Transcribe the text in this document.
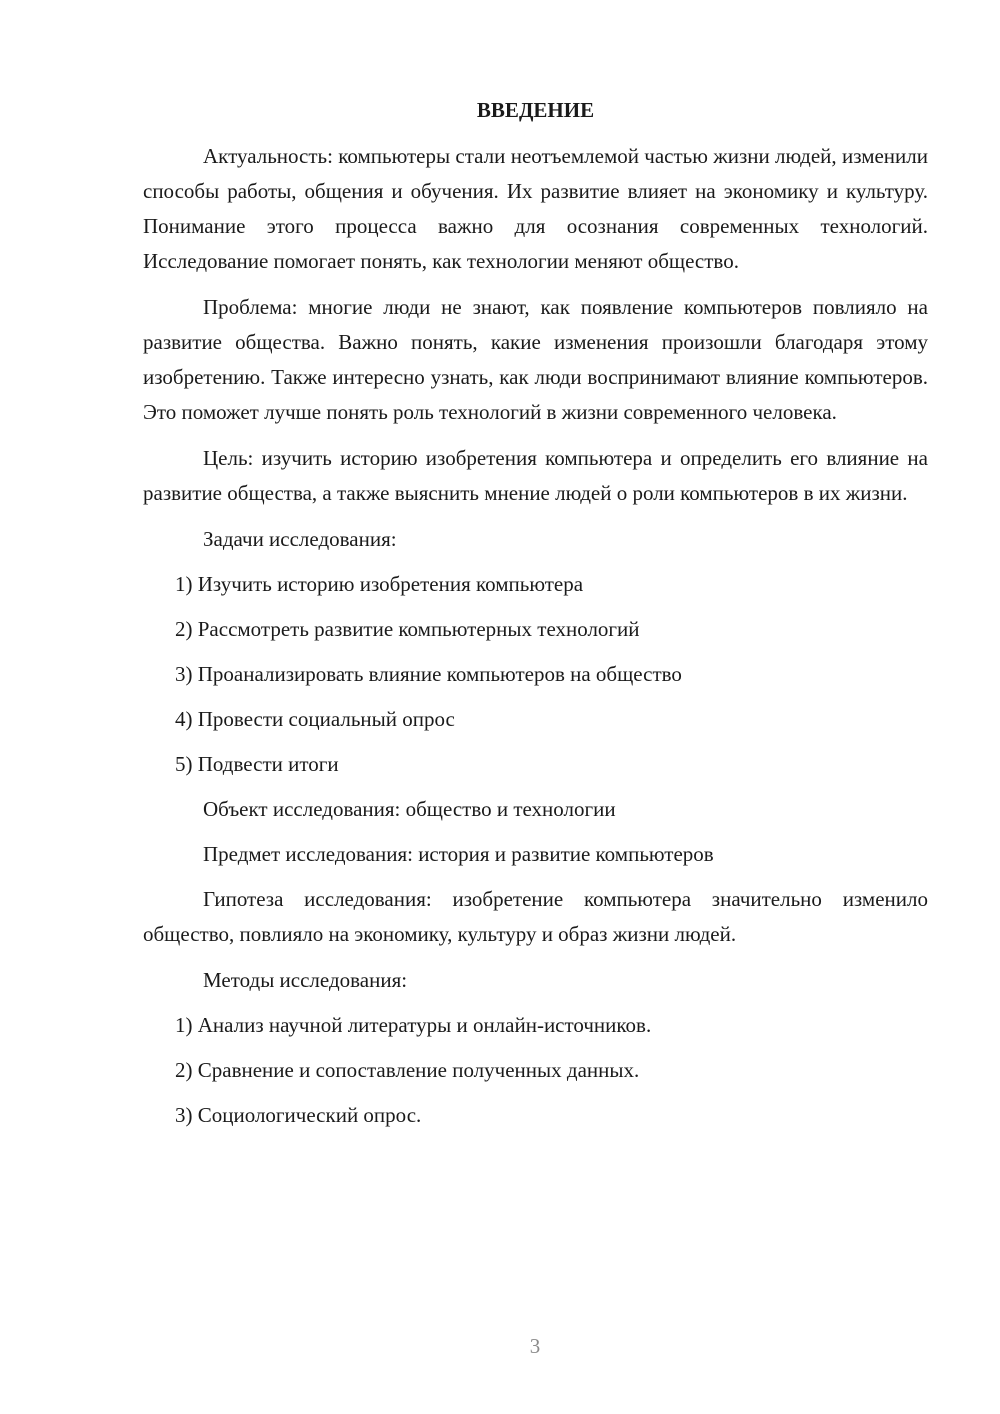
ВВЕДЕНИЕ

Актуальность: компьютеры стали неотъемлемой частью жизни людей, изменили способы работы, общения и обучения. Их развитие влияет на экономику и культуру. Понимание этого процесса важно для осознания современных технологий. Исследование помогает понять, как технологии меняют общество.

Проблема: многие люди не знают, как появление компьютеров повлияло на развитие общества. Важно понять, какие изменения произошли благодаря этому изобретению. Также интересно узнать, как люди воспринимают влияние компьютеров. Это поможет лучше понять роль технологий в жизни современного человека.

Цель: изучить историю изобретения компьютера и определить его влияние на развитие общества, а также выяснить мнение людей о роли компьютеров в их жизни.

Задачи исследования:
1) Изучить историю изобретения компьютера
2) Рассмотреть развитие компьютерных технологий
3) Проанализировать влияние компьютеров на общество
4) Провести социальный опрос
5) Подвести итоги
Объект исследования: общество и технологии
Предмет исследования: история и развитие компьютеров

Гипотеза исследования: изобретение компьютера значительно изменило общество, повлияло на экономику, культуру и образ жизни людей.

Методы исследования:
1) Анализ научной литературы и онлайн-источников.
2) Сравнение и сопоставление полученных данных.
3) Социологический опрос.
3
